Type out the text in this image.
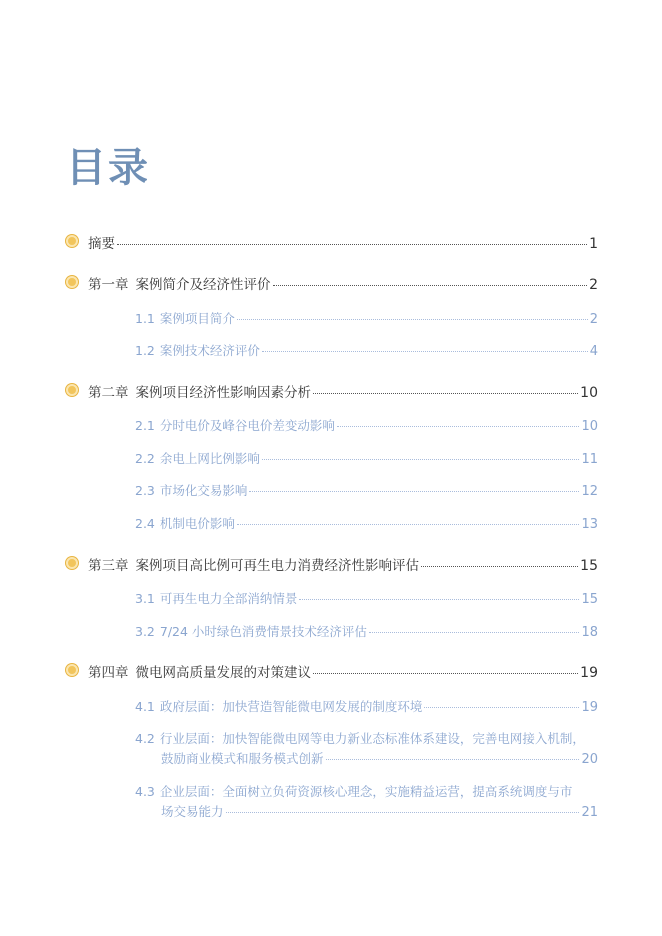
目录
摘要	1
第一章 案例简介及经济性评价	2
1.1 案例项目简介	2
1.2 案例技术经济评价	4
第二章 案例项目经济性影响因素分析	10
2.1 分时电价及峰谷电价差变动影响	10
2.2 余电上网比例影响	11
2.3 市场化交易影响	12
2.4 机制电价影响	13
第三章 案例项目高比例可再生电力消费经济性影响评估	15
3.1 可再生电力全部消纳情景	15
3.2 7/24 小时绿色消费情景技术经济评估	18
第四章 微电网高质量发展的对策建议	19
4.1 政府层面：加快营造智能微电网发展的制度环境	19
4.2 行业层面：加快智能微电网等电力新业态标准体系建设，完善电网接入机制，
鼓励商业模式和服务模式创新	20
4.3 企业层面：全面树立负荷资源核心理念，实施精益运营，提高系统调度与市
场交易能力	21
